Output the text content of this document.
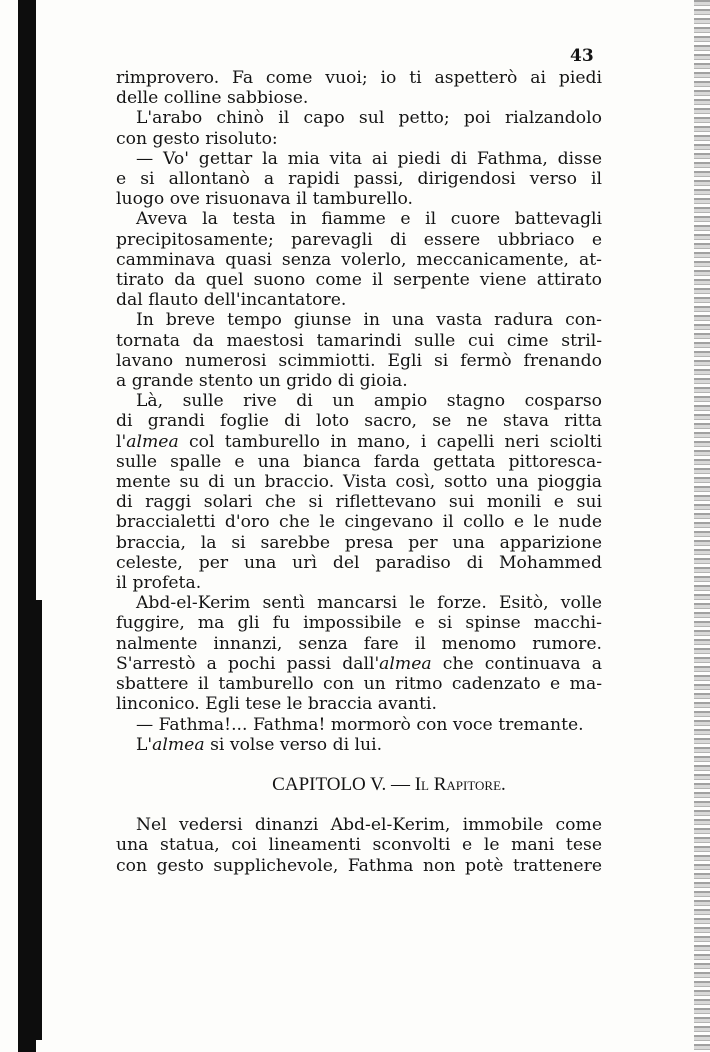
43
rimprovero. Fa come vuoi; io ti aspetterò ai piedi
delle colline sabbiose.
L'arabo chinò il capo sul petto; poi rialzandolo
con gesto risoluto:
— Vo' gettar la mia vita ai piedi di Fathma, disse
e si allontanò a rapidi passi, dirigendosi verso il
luogo ove risuonava il tamburello.
Aveva la testa in fiamme e il cuore battevagli
precipitosamente; parevagli di essere ubbriaco e
camminava quasi senza volerlo, meccanicamente, at-
tirato da quel suono come il serpente viene attirato
dal flauto dell'incantatore.
In breve tempo giunse in una vasta radura con-
tornata da maestosi tamarindi sulle cui cime stril-
lavano numerosi scimmiotti. Egli si fermò frenando
a grande stento un grido di gioia.
Là, sulle rive di un ampio stagno cosparso
di grandi foglie di loto sacro, se ne stava ritta
l'almea col tamburello in mano, i capelli neri sciolti
sulle spalle e una bianca farda gettata pittoresca-
mente su di un braccio. Vista così, sotto una pioggia
di raggi solari che si riflettevano sui monili e sui
braccialetti d'oro che le cingevano il collo e le nude
braccia, la si sarebbe presa per una apparizione
celeste, per una urì del paradiso di Mohammed
il profeta.
Abd-el-Kerim sentì mancarsi le forze. Esitò, volle
fuggire, ma gli fu impossibile e si spinse macchi-
nalmente innanzi, senza fare il menomo rumore.
S'arrestò a pochi passi dall'almea che continuava a
sbattere il tamburello con un ritmo cadenzato e ma-
linconico. Egli tese le braccia avanti.
— Fathma!... Fathma! mormorò con voce tremante.
L'almea si volse verso di lui.
CAPITOLO V. — Il Rapitore.
Nel vedersi dinanzi Abd-el-Kerim, immobile come
una statua, coi lineamenti sconvolti e le mani tese
con gesto supplichevole, Fathma non potè trattenere
